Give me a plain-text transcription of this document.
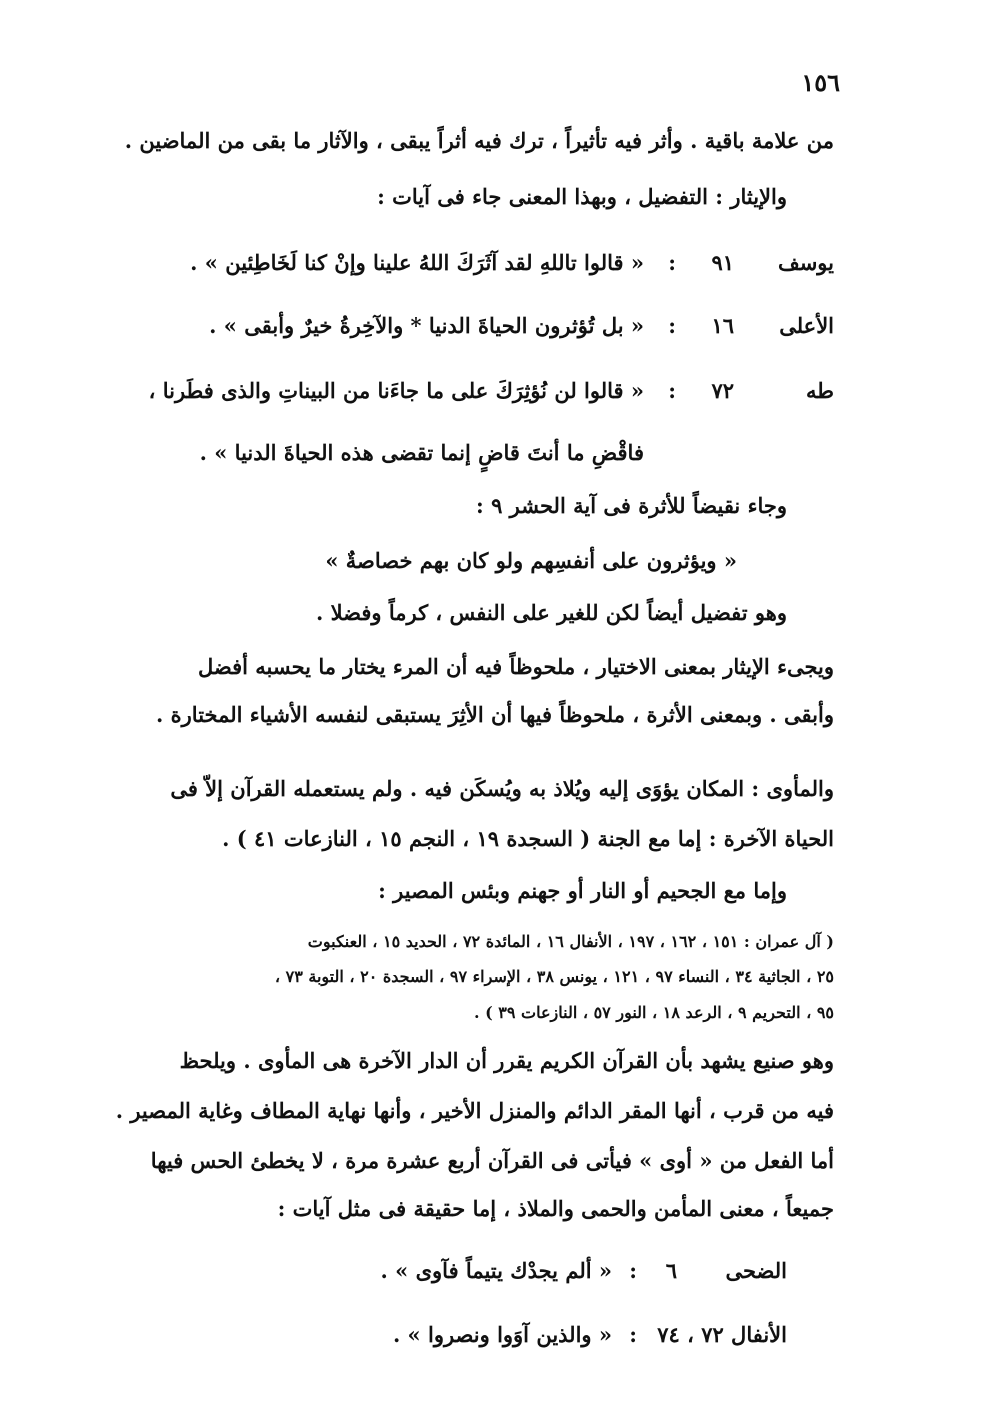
١٥٦
من علامة باقية . وأثر فيه تأثيراً ، ترك فيه أثراً يبقى ، والآثار ما بقى من الماضين .
والإيثار : التفضيل ، وبهذا المعنى جاء فى آيات :
يوسف
٩١
:
« قالوا تاللهِ لقد آثَرَكَ اللهُ علينا وإنْ كنا لَخَاطِئين » .
الأعلى
١٦
:
« بل تُؤثرون الحياةَ الدنيا * والآخِرةُ خيرٌ وأبقى » .
طه
٧٢
:
« قالوا لن نُؤثِرَكَ على ما جاءَنا من البيناتِ والذى فطَرنا ،
فاقْضِ ما أنتَ قاضٍ إنما تقضى هذه الحياةَ الدنيا » .
وجاء نقيضاً للأثرة فى آية الحشر ٩ :
« ويؤثرون على أنفسِهم ولو كان بهم خصاصةٌ »
وهو تفضيل أيضاً لكن للغير على النفس ، كرماً وفضلا .
ويجىء الإيثار بمعنى الاختيار ، ملحوظاً فيه أن المرء يختار ما يحسبه أفضل
وأبقى . وبمعنى الأثرة ، ملحوظاً فيها أن الأثِرَ يستبقى لنفسه الأشياء المختارة .
والمأوى : المكان يؤوَى إليه ويُلاذ به ويُسكَن فيه . ولم يستعمله القرآن إلاّ فى
الحياة الآخرة : إما مع الجنة ( السجدة ١٩ ، النجم ١٥ ، النازعات ٤١ ) .
وإما مع الجحيم أو النار أو جهنم وبئس المصير :
( آل عمران : ١٥١ ، ١٦٢ ، ١٩٧ ، الأنفال ١٦ ، المائدة ٧٢ ، الحديد ١٥ ، العنكبوت
٢٥ ، الجاثية ٣٤ ، النساء ٩٧ ، ١٢١ ، يونس ٣٨ ، الإسراء ٩٧ ، السجدة ٢٠ ، التوبة ٧٣ ،
٩٥ ، التحريم ٩ ، الرعد ١٨ ، النور ٥٧ ، النازعات ٣٩ ) .
وهو صنيع يشهد بأن القرآن الكريم يقرر أن الدار الآخرة هى المأوى . ويلحظ
فيه من قرب ، أنها المقر الدائم والمنزل الأخير ، وأنها نهاية المطاف وغاية المصير .
أما الفعل من « أوى » فيأتى فى القرآن أربع عشرة مرة ، لا يخطئ الحس فيها
جميعاً ، معنى المأمن والحمى والملاذ ، إما حقيقة فى مثل آيات :
الضحى
٦
:
« ألم يجدْك يتيماً فآوى » .
الأنفال ٧٢ ، ٧٤
:
« والذين آوَوا ونصروا » .
